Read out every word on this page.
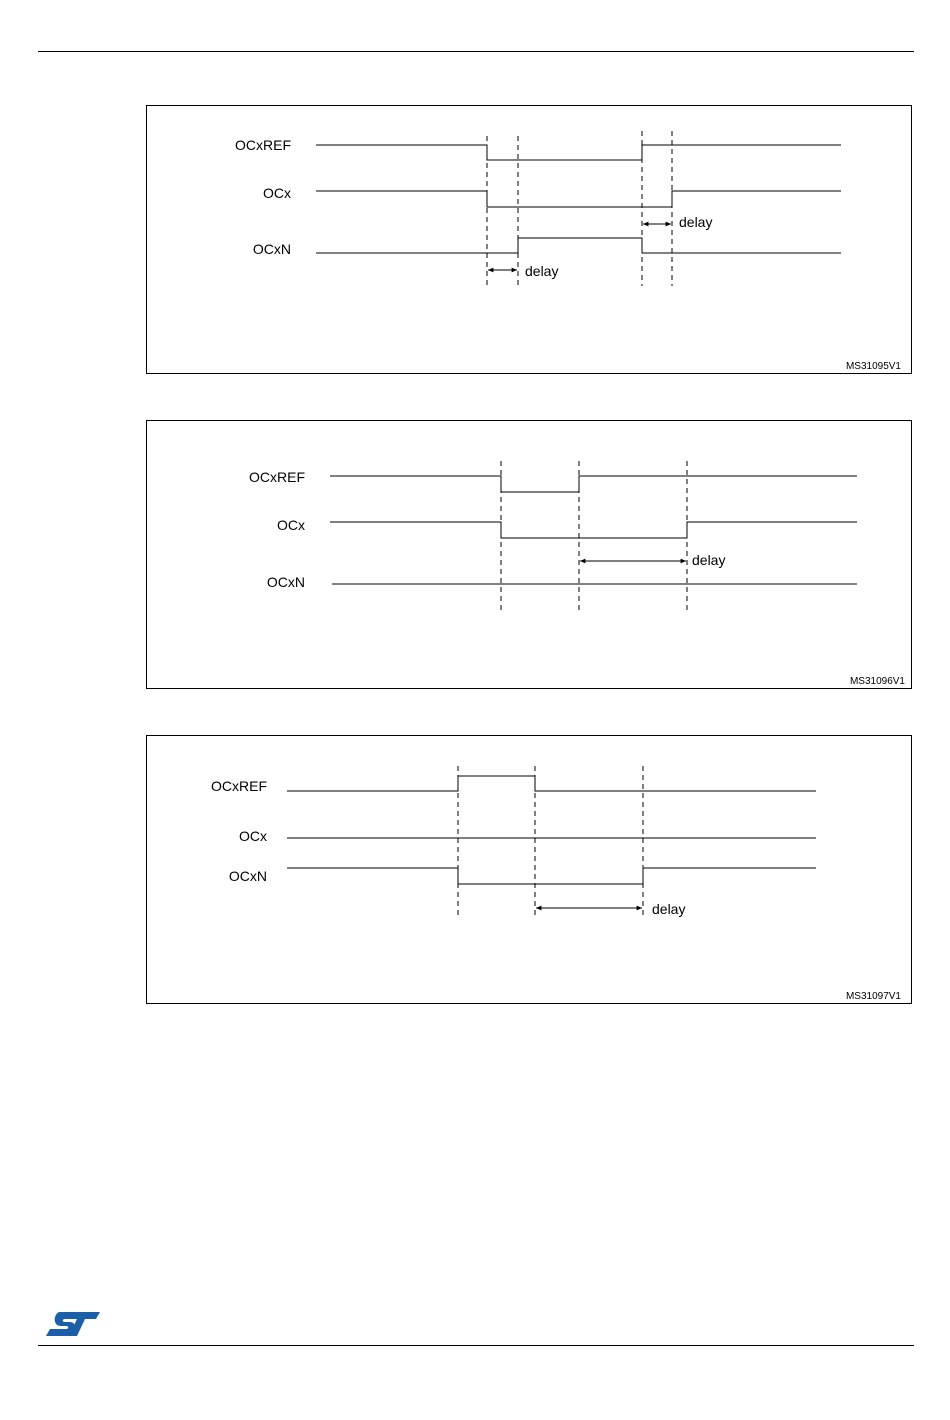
OCxREF
OCx
OCxN
delay
delay
MS31095V1
OCxREF
OCx
OCxN
delay
MS31096V1
OCxREF
OCx
OCxN
delay
MS31097V1
